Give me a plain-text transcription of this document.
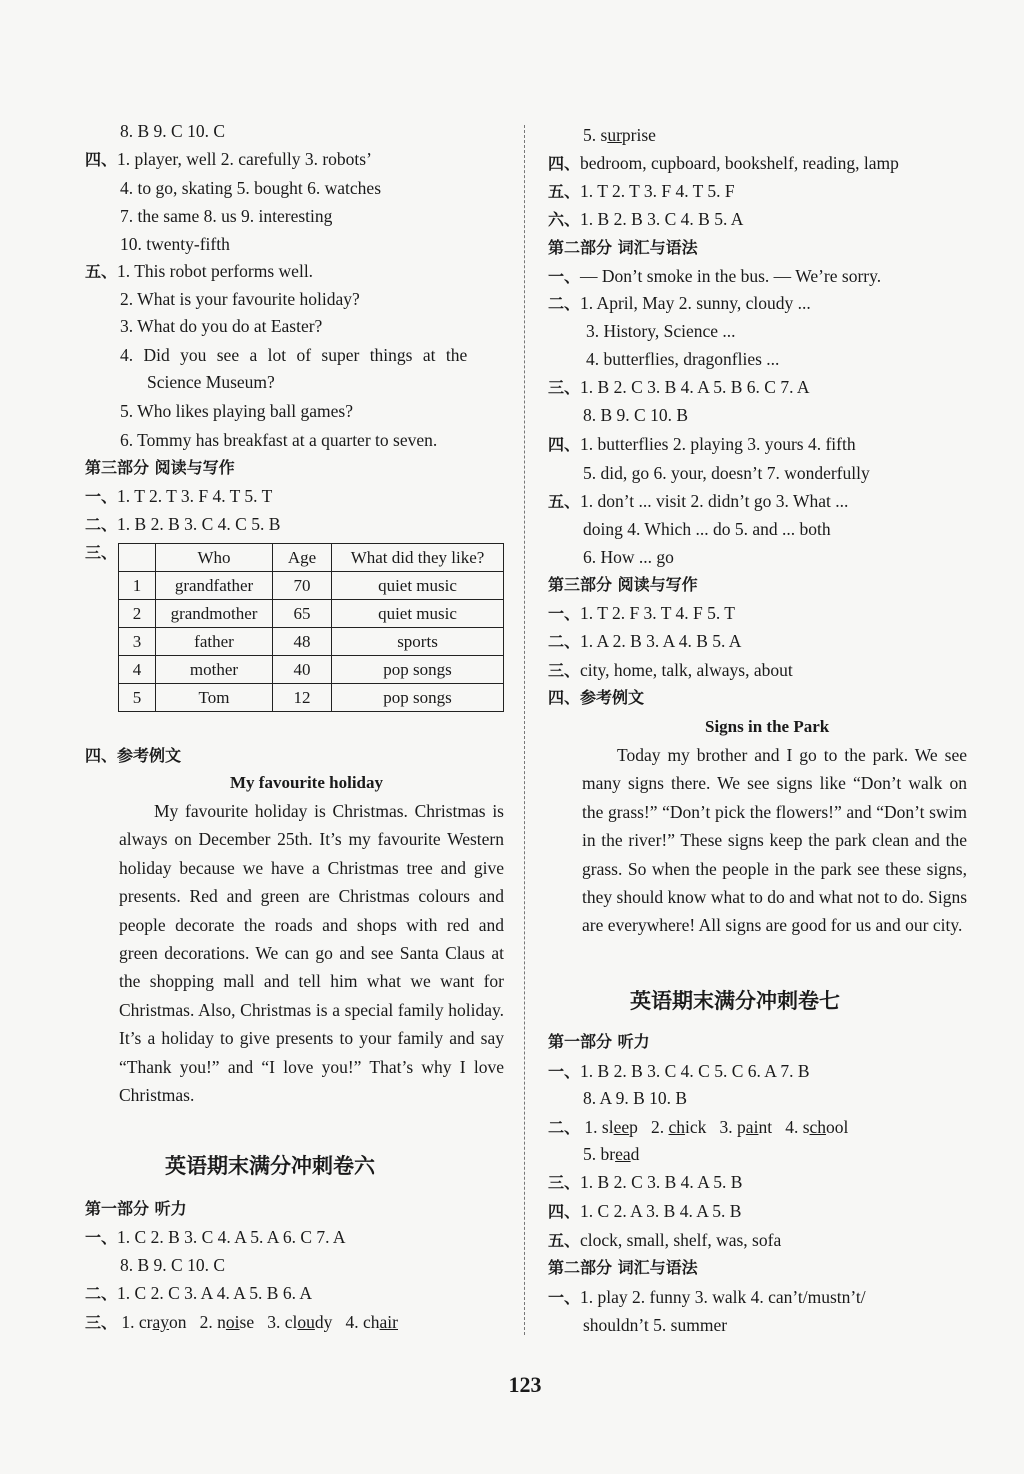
8. B 9. C 10. C
四、1. player, well 2. carefully 3. robots’
4. to go, skating 5. bought 6. watches
7. the same 8. us 9. interesting
10. twenty-fifth
五、1. This robot performs well.
2. What is your favourite holiday?
3. What do you do at Easter?
4. Did you see a lot of super things at the
Science Museum?
5. Who likes playing ball games?
6. Tommy has breakfast at a quarter to seven.
第三部分 阅读与写作
一、1. T 2. T 3. F 4. T 5. T
二、1. B 2. B 3. C 4. C 5. B
三、
		Who	Age	What did they like?
1	grandfather	70	quiet music
2	grandmother	65	quiet music
3	father	48	sports
4	mother	40	pop songs
5	Tom	12	pop songs
四、参考例文
My favourite holiday

My favourite holiday is Christmas. Christmas is always on December 25th. It’s my favourite Western holiday because we have a Christmas tree and give presents. Red and green are Christmas colours and people decorate the roads and shops with red and green decorations. We can go and see Santa Claus at the shopping mall and tell him what we want for Christmas. Also, Christmas is a special family holiday. It’s a holiday to give presents to your family and say “Thank you!” and “I love you!” That’s why I love Christmas.

英语期末满分冲刺卷六
第一部分 听力
一、1. C 2. B 3. C 4. A 5. A 6. C 7. A
8. B 9. C 10. C
二、1. C 2. C 3. A 4. A 5. B 6. A
三、 1. crayon 2. noise 3. cloudy 4. chair
5. surprise
四、bedroom, cupboard, bookshelf, reading, lamp
五、1. T 2. T 3. F 4. T 5. F
六、1. B 2. B 3. C 4. B 5. A
第二部分 词汇与语法
一、— Don’t smoke in the bus. — We’re sorry.
二、1. April, May 2. sunny, cloudy ...
3. History, Science ...
4. butterflies, dragonflies ...
三、1. B 2. C 3. B 4. A 5. B 6. C 7. A
8. B 9. C 10. B
四、1. butterflies 2. playing 3. yours 4. fifth
5. did, go 6. your, doesn’t 7. wonderfully
五、1. don’t ... visit 2. didn’t go 3. What ...
doing 4. Which ... do 5. and ... both
6. How ... go
第三部分 阅读与写作
一、1. T 2. F 3. T 4. F 5. T
二、1. A 2. B 3. A 4. B 5. A
三、city, home, talk, always, about
四、参考例文
Signs in the Park

Today my brother and I go to the park. We see many signs there. We see signs like “Don’t walk on the grass!” “Don’t pick the flowers!” and “Don’t swim in the river!” These signs keep the park clean and the grass. So when the people in the park see these signs, they should know what to do and what not to do. Signs are everywhere! All signs are good for us and our city.

英语期末满分冲刺卷七
第一部分 听力
一、1. B 2. B 3. C 4. C 5. C 6. A 7. B
8. A 9. B 10. B
二、 1. sleep 2. chick 3. paint 4. school
5. bread
三、1. B 2. C 3. B 4. A 5. B
四、1. C 2. A 3. B 4. A 5. B
五、clock, small, shelf, was, sofa
第二部分 词汇与语法
一、1. play 2. funny 3. walk 4. can’t/mustn’t/
shouldn’t 5. summer
123
